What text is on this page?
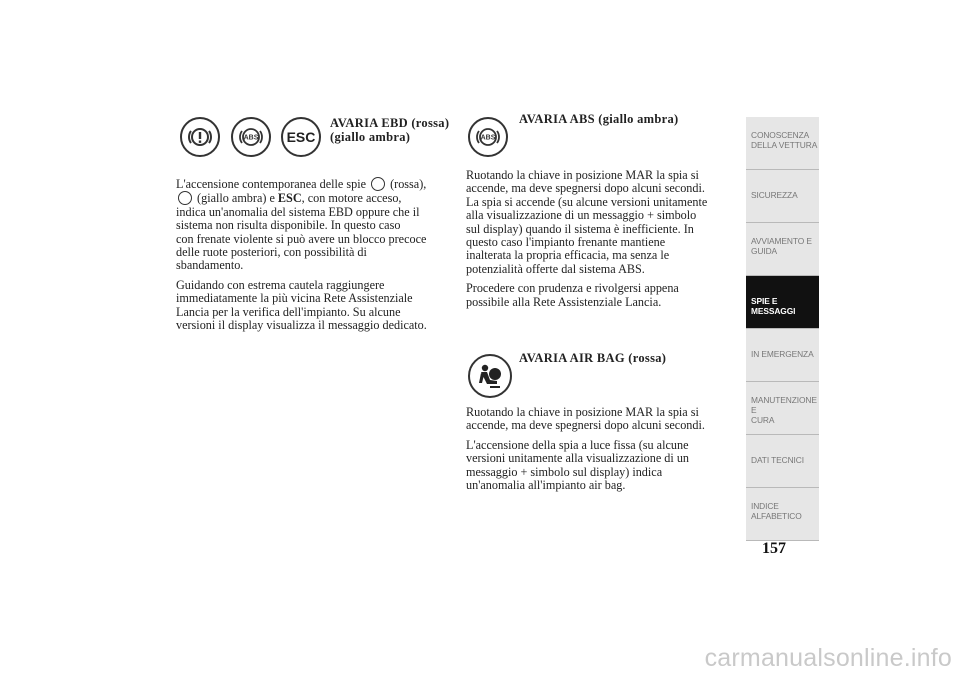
ABS ESC
AVARIA EBD (rossa)
(giallo ambra)

L'accensione contemporanea delle spie  (rossa),
(giallo ambra) e ESC, con motore acceso,
indica un'anomalia del sistema EBD oppure che il
sistema non risulta disponibile. In questo caso
con frenate violente si può avere un blocco precoce
delle ruote posteriori, con possibilità di
sbandamento.

Guidando con estrema cautela raggiungere
immediatamente la più vicina Rete Assistenziale
Lancia per la verifica dell'impianto. Su alcune
versioni il display visualizza il messaggio dedicato.

ABS
AVARIA ABS (giallo ambra)

Ruotando la chiave in posizione MAR la spia si
accende, ma deve spegnersi dopo alcuni secondi.
La spia si accende (su alcune versioni unitamente
alla visualizzazione di un messaggio + simbolo
sul display) quando il sistema è inefficiente. In
questo caso l'impianto frenante mantiene
inalterata la propria efficacia, ma senza le
potenzialità offerte dal sistema ABS.

Procedere con prudenza e rivolgersi appena
possibile alla Rete Assistenziale Lancia.

AVARIA AIR BAG (rossa)

Ruotando la chiave in posizione MAR la spia si
accende, ma deve spegnersi dopo alcuni secondi.

L'accensione della spia a luce fissa (su alcune
versioni unitamente alla visualizzazione di un
messaggio + simbolo sul display) indica
un'anomalia all'impianto air bag.

CONOSCENZA
DELLA VETTURA
SICUREZZA
AVVIAMENTO E
GUIDA
SPIE E MESSAGGI
IN EMERGENZA
MANUTENZIONE E
CURA
DATI TECNICI
INDICE
ALFABETICO
157
carmanualsonline.info
